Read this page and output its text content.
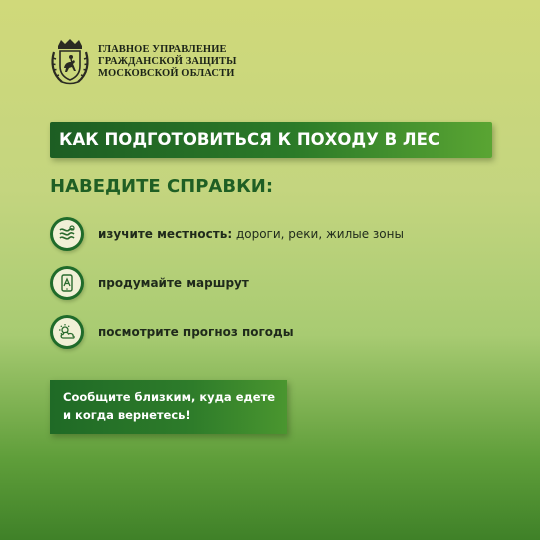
ГЛАВНОЕ УПРАВЛЕНИЕ
ГРАЖДАНСКОЙ ЗАЩИТЫ
МОСКОВСКОЙ ОБЛАСТИ
КАК ПОДГОТОВИТЬСЯ К ПОХОДУ В ЛЕС
НАВЕДИТЕ СПРАВКИ:
изучите местность: дороги, реки, жилые зоны
продумайте маршрут
посмотрите прогноз погоды
Сообщите близким, куда едете
и когда вернетесь!
